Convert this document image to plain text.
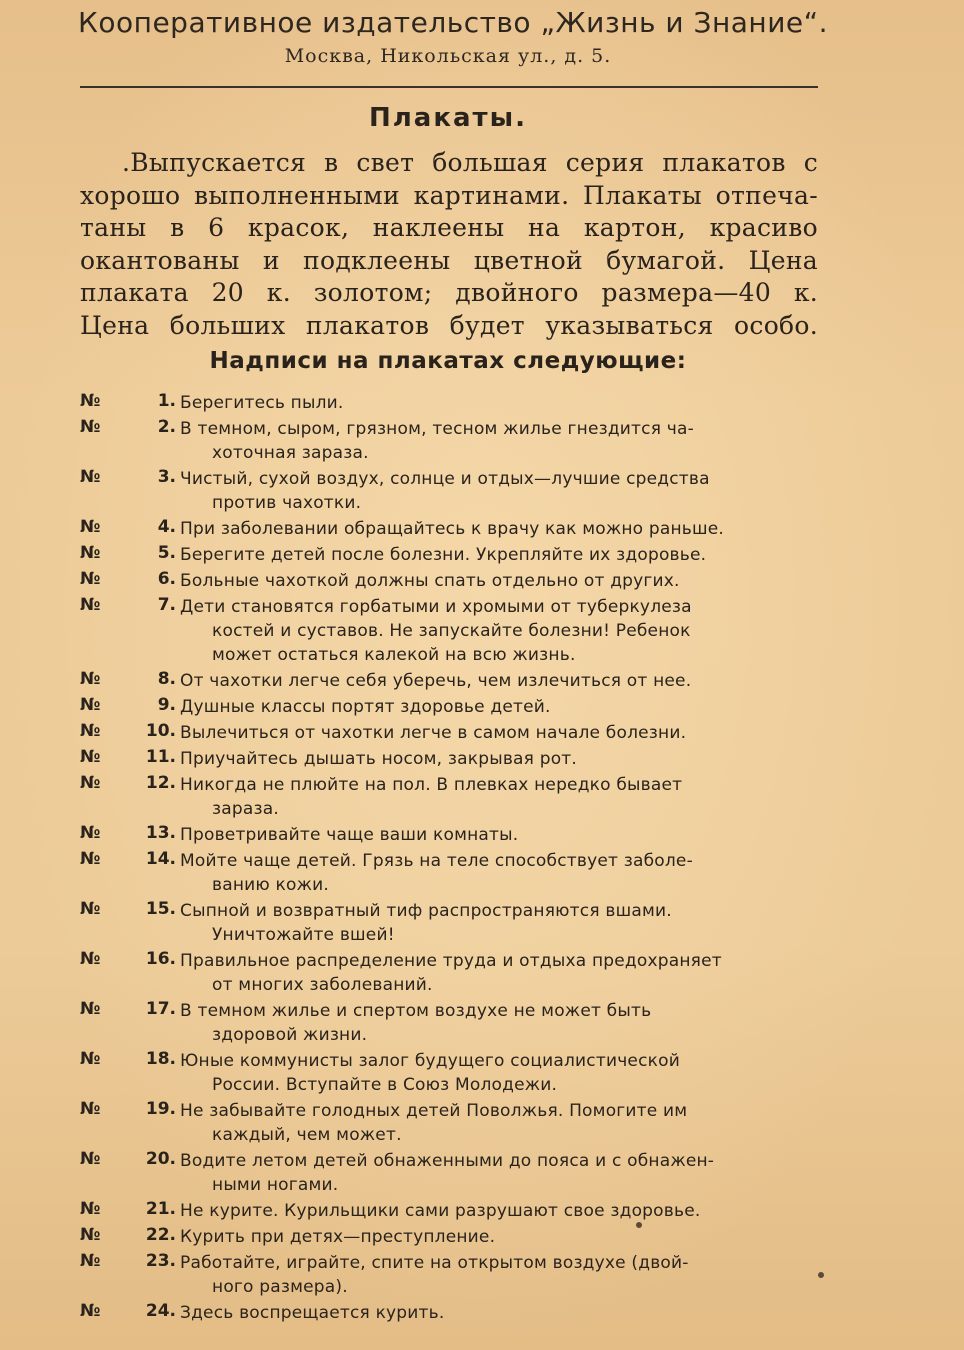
Кооперативное издательство „Жизнь и Знание“.
Москва, Никольская ул., д. 5.
Плакаты.
.Выпускается в свет большая серия плакатов с
хорошо выполненными картинами. Плакаты отпеча-
таны в 6 красок, наклеены на картон, красиво
окантованы и подклеены цветной бумагой. Цена
плаката 20 к. золотом; двойного размера—40 к.
Цена больших плакатов будет указываться особо.
Надписи на плакатах следующие:
№	1. Берегитесь пыли.
№	2. В темном, сыром, грязном, тесном жилье гнездится ча-
хоточная зараза.
№	3. Чистый, сухой воздух, солнце и отдых—лучшие средства
против чахотки.
№	4. При заболевании обращайтесь к врачу как можно раньше.
№	5. Берегите детей после болезни. Укрепляйте их здоровье.
№	6. Больные чахоткой должны спать отдельно от других.
№	7. Дети становятся горбатыми и хромыми от туберкулеза
костей и суставов. Не запускайте болезни! Ребенок
может остаться калекой на всю жизнь.
№	8. От чахотки легче себя уберечь, чем излечиться от нее.
№	9. Душные классы портят здоровье детей.
№	10. Вылечиться от чахотки легче в самом начале болезни.
№	11. Приучайтесь дышать носом, закрывая рот.
№	12. Никогда не плюйте на пол. В плевках нередко бывает
зараза.
№	13. Проветривайте чаще ваши комнаты.
№	14. Мойте чаще детей. Грязь на теле способствует заболе-
ванию кожи.
№	15. Сыпной и возвратный тиф распространяются вшами.
Уничтожайте вшей!
№	16. Правильное распределение труда и отдыха предохраняет
от многих заболеваний.
№	17. В темном жилье и спертом воздухе не может быть
здоровой жизни.
№	18. Юные коммунисты залог будущего социалистической
России. Вступайте в Союз Молодежи.
№	19. Не забывайте голодных детей Поволжья. Помогите им
каждый, чем может.
№	20. Водите летом детей обнаженными до пояса и с обнажен-
ными ногами.
№	21. Не курите. Курильщики сами разрушают свое здоровье.
№	22. Курить при детях—преступление.
№	23. Работайте, играйте, спите на открытом воздухе (двой-
ного размера).
№	24. Здесь воспрещается курить.
